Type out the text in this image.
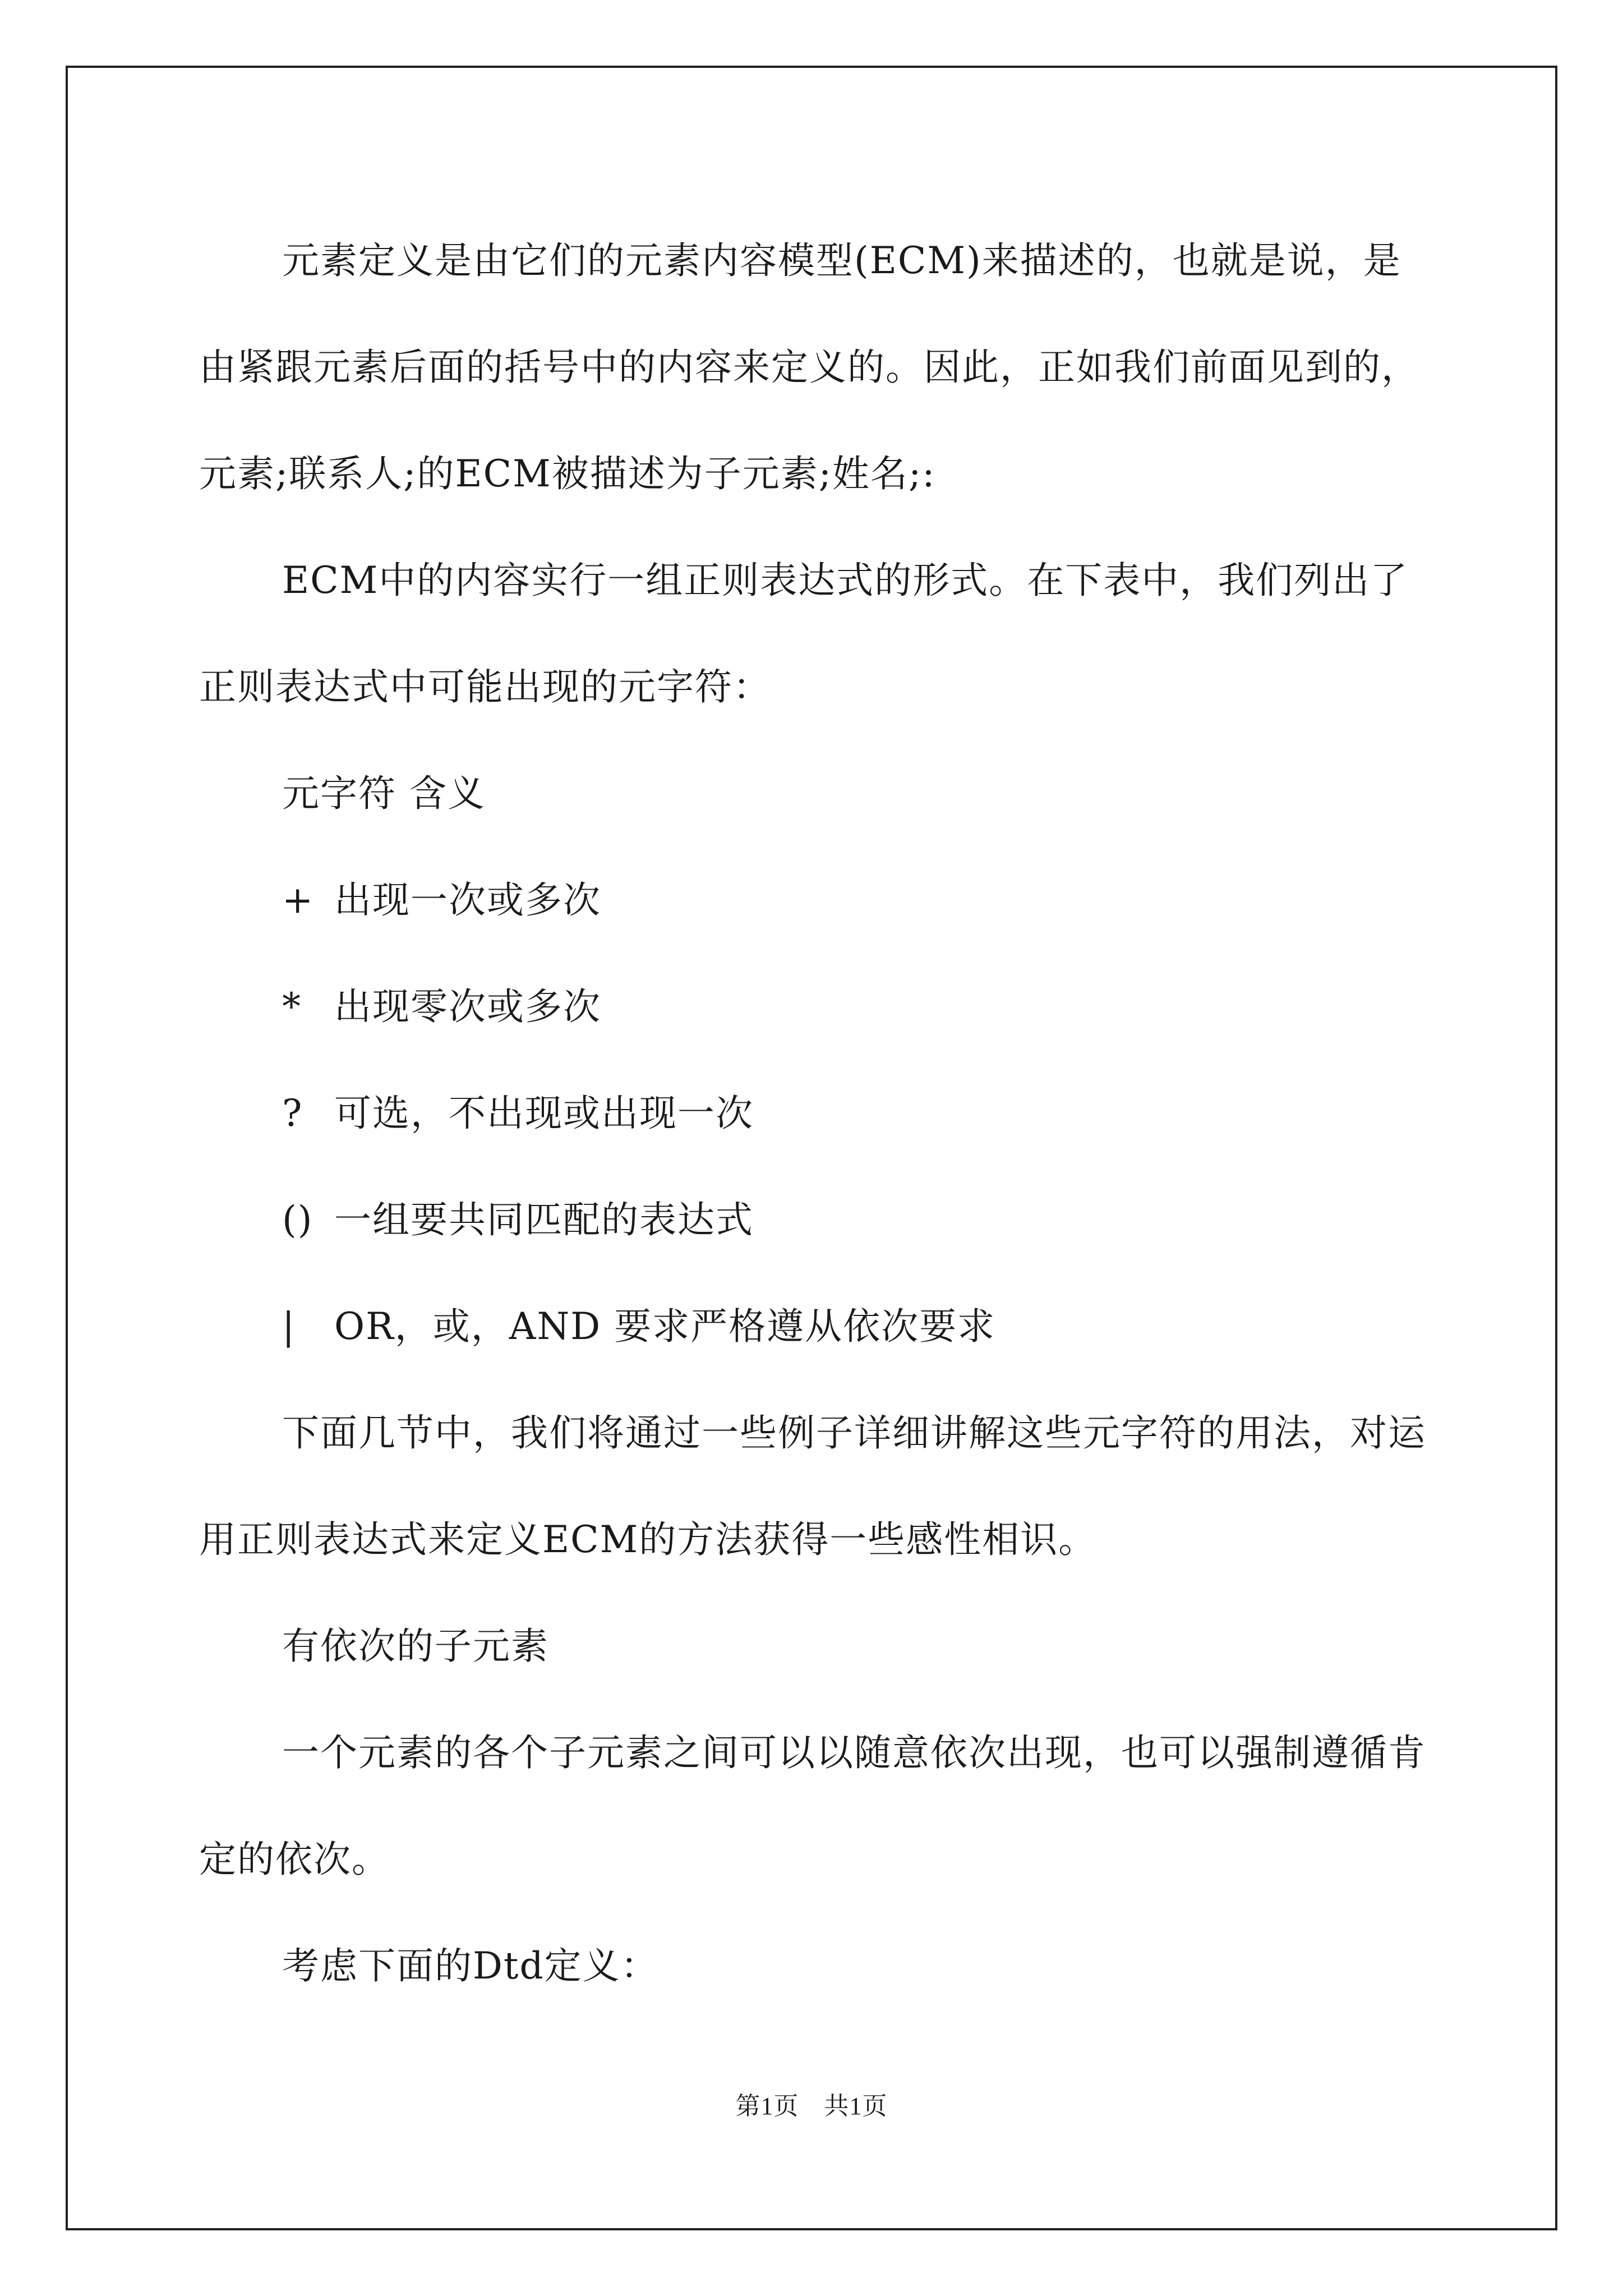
元素定义是由它们的元素内容模型(ECM)来描述的，也就是说，是由紧跟元素后面的括号中的内容来定义的。因此，正如我们前面见到的，元素;联系人;的ECM被描述为子元素;姓名;:

ECM中的内容实行一组正则表达式的形式。在下表中，我们列出了正则表达式中可能出现的元字符：

元字符 含义
+ 出现一次或多次
* 出现零次或多次
? 可选，不出现或出现一次
() 一组要共同匹配的表达式
| OR，或，AND 要求严格遵从依次要求

下面几节中，我们将通过一些例子详细讲解这些元字符的用法，对运用正则表达式来定义ECM的方法获得一些感性相识。

有依次的子元素

一个元素的各个子元素之间可以以随意依次出现，也可以强制遵循肯定的依次。

考虑下面的Dtd定义：

第1页　共1页
